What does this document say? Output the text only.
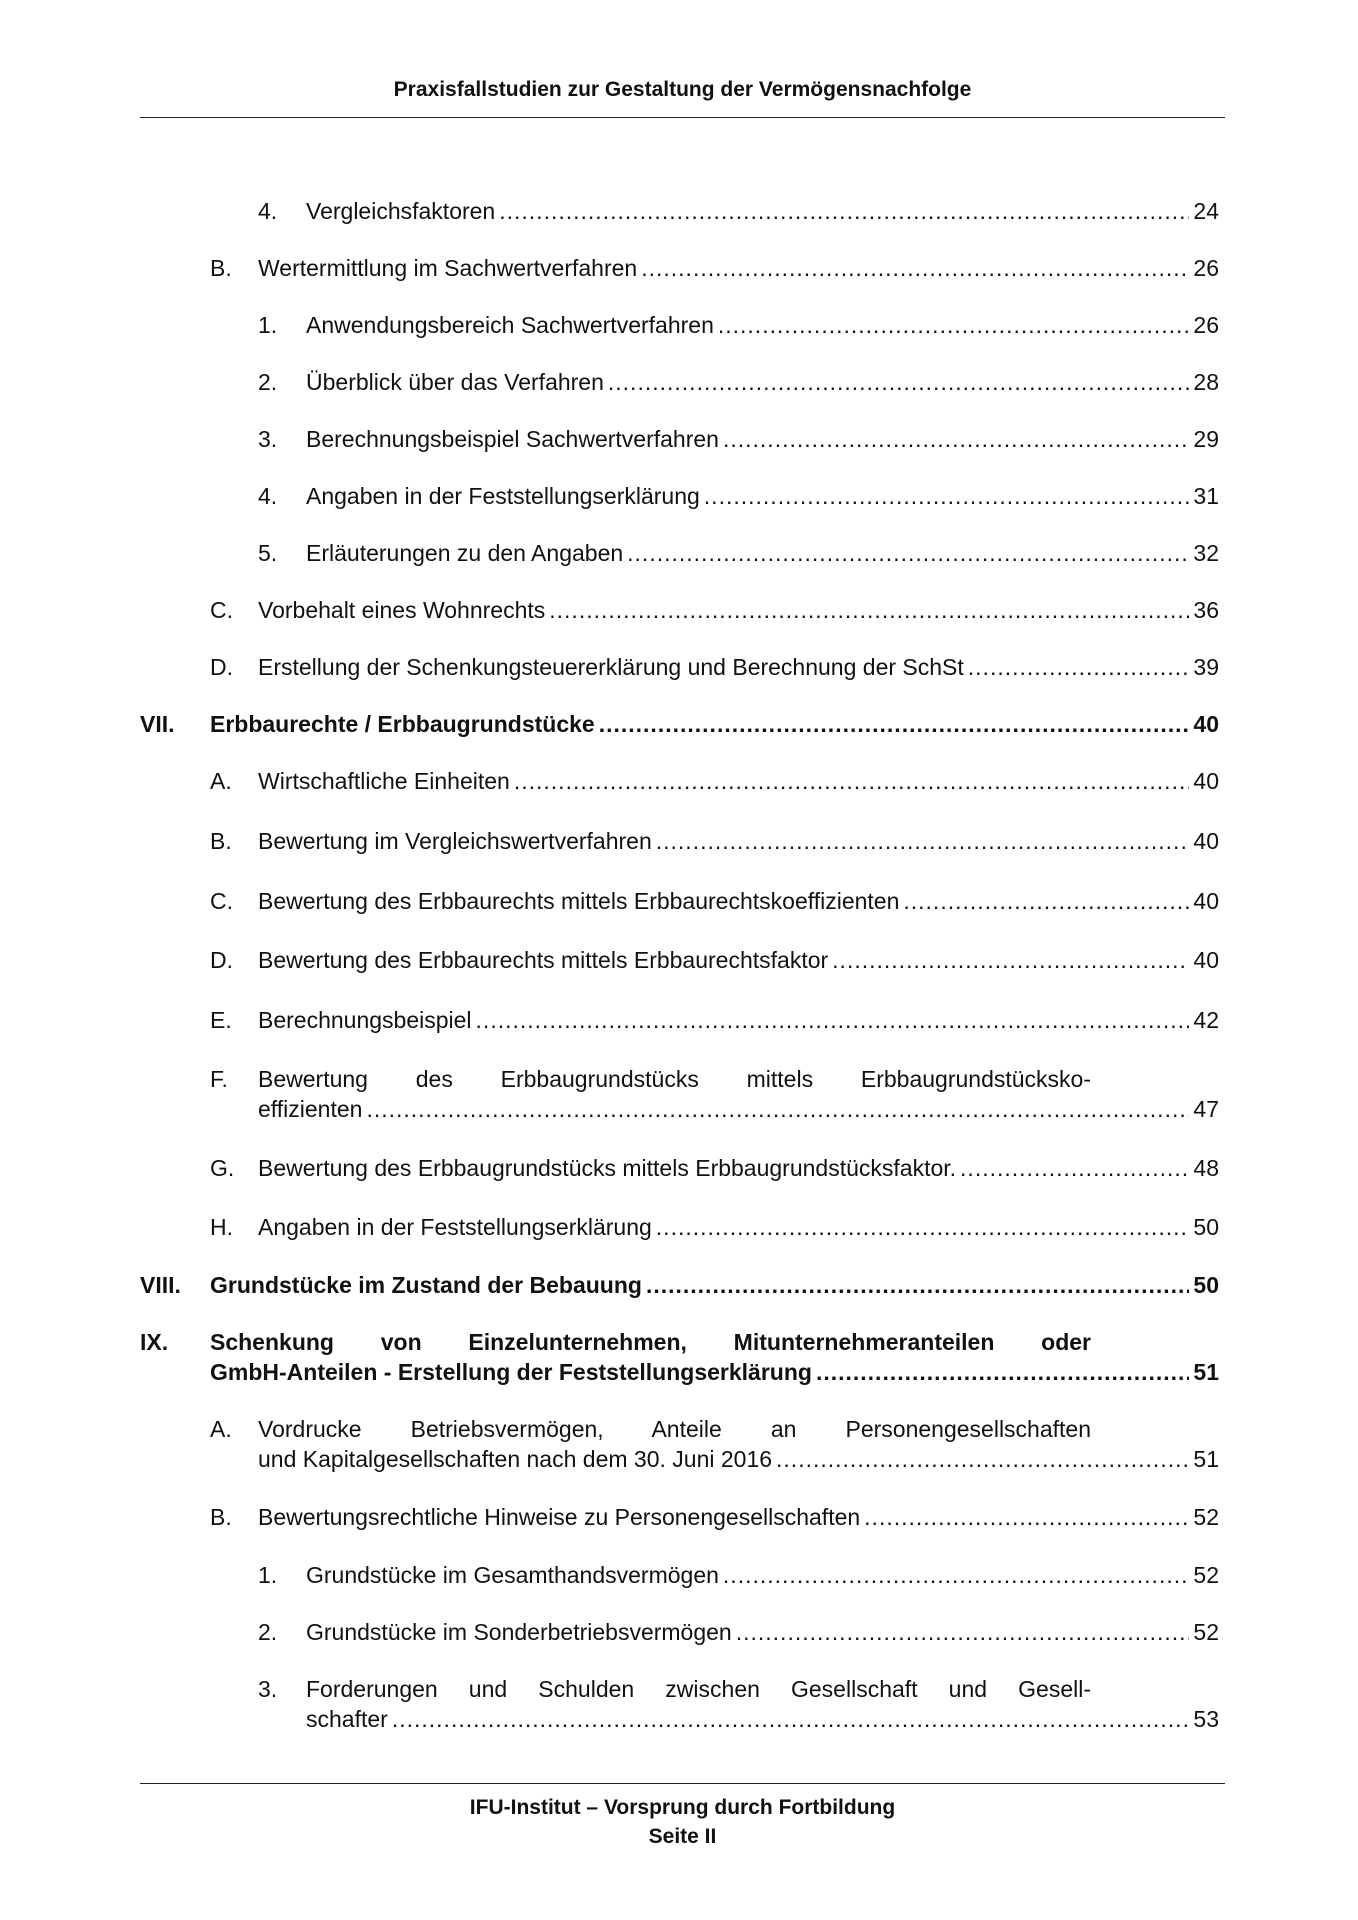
Praxisfallstudien zur Gestaltung der Vermögensnachfolge
4. Vergleichsfaktoren .....	24
B. Wertermittlung im Sachwertverfahren .....	26
1. Anwendungsbereich Sachwertverfahren .....	26
2. Überblick über das Verfahren .....	28
3. Berechnungsbeispiel Sachwertverfahren .....	29
4. Angaben in der Feststellungserklärung .....	31
5. Erläuterungen zu den Angaben .....	32
C. Vorbehalt eines Wohnrechts .....	36
D. Erstellung der Schenkungsteuererklärung und Berechnung der SchSt .....	39
VII. Erbbaurechte / Erbbaugrundstücke .....	40
A. Wirtschaftliche Einheiten .....	40
B. Bewertung im Vergleichswertverfahren .....	40
C. Bewertung des Erbbaurechts mittels Erbbaurechtskoeffizienten .....	40
D. Bewertung des Erbbaurechts mittels Erbbaurechtsfaktor .....	40
E. Berechnungsbeispiel .....	42
F. Bewertung des Erbbaugrundstücks mittels Erbbaugrundstücksko-
effizienten .....	47
G. Bewertung des Erbbaugrundstücks mittels Erbbaugrundstücksfaktor. .....	48
H. Angaben in der Feststellungserklärung .....	50
VIII. Grundstücke im Zustand der Bebauung .....	50
IX. Schenkung von Einzelunternehmen, Mitunternehmeranteilen oder
GmbH-Anteilen - Erstellung der Feststellungserklärung .....	51
A. Vordrucke Betriebsvermögen, Anteile an Personengesellschaften
und Kapitalgesellschaften nach dem 30. Juni 2016 .....	51
B. Bewertungsrechtliche Hinweise zu Personengesellschaften .....	52
1. Grundstücke im Gesamthandsvermögen .....	52
2. Grundstücke im Sonderbetriebsvermögen .....	52
3. Forderungen und Schulden zwischen Gesellschaft und Gesell-
schafter .....	53
IFU-Institut – Vorsprung durch Fortbildung
Seite II
